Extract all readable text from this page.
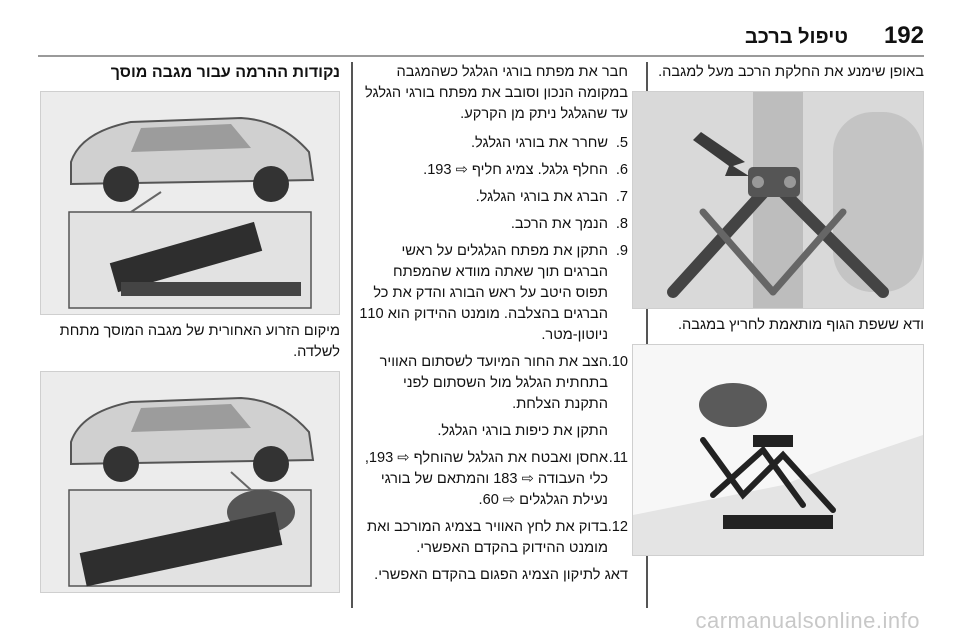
192
טיפול ברכב

באופן שימנע את החלקת הרכב מעל למגבה.

ודא ששפת הגוף מותאמת לחריץ במגבה.

חבר את מפתח בורגי הגלגל כשהמגבה במקומה הנכון וסובב את מפתח בורגי הגלגל עד שהגלגל ניתק מן הקרקע.

5.
שחרר את בורגי הגלגל.
6.
החלף גלגל. צמיג חליף ⇨ 193.
7.
הברג את בורגי הגלגל.
8.
הנמך את הרכב.
9.
התקן את מפתח הגלגלים על ראשי הברגים תוך שאתה מוודא שהמפתח תפוס היטב על ראש הבורג והדק את כל הברגים בהצלבה. מומנט ההידוק הוא 110 ניוטון-מטר.
10.
הצב את החור המיועד לשסתום האוויר בתחתית הגלגל מול השסתום לפני התקנת הצלחת.
התקן את כיפות בורגי הגלגל.
11.
אחסן ואבטח את הגלגל שהוחלף ⇨ 193, כלי העבודה ⇨ 183 והמתאם של בורגי נעילת הגלגלים ⇨ 60.
12.
בדוק את לחץ האוויר בצמיג המורכב ואת מומנט ההידוק בהקדם האפשרי.

דאג לתיקון הצמיג הפגום בהקדם האפשרי.

נקודות ההרמה עבור מגבה מוסך

מיקום הזרוע האחורית של מגבה המוסך מתחת לשלדה.

carmanualsonline.info
